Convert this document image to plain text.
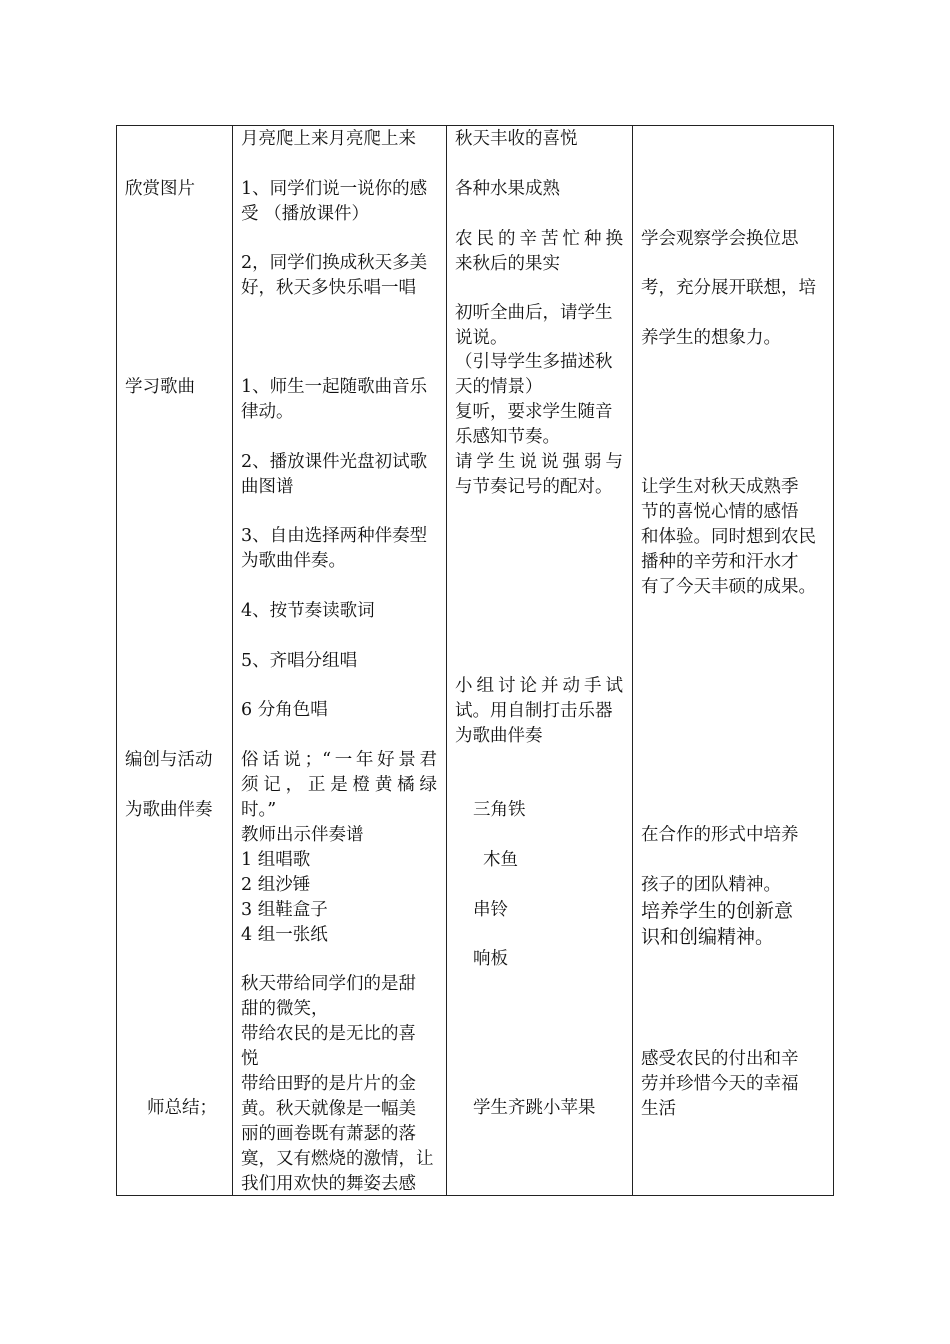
欣赏图片
学习歌曲
编创与活动
为歌曲伴奏
师总结；
月亮爬上来月亮爬上来
1、同学们说一说你的感
受 （播放课件）
2，同学们换成秋天多美
好，秋天多快乐唱一唱
1、师生一起随歌曲音乐
律动。
2、播放课件光盘初试歌
曲图谱
3、自由选择两种伴奏型
为歌曲伴奏。
4、按节奏读歌词
5、齐唱分组唱
6 分角色唱
俗话说；“一年好景君
须记，正是橙黄橘绿
时。”
教师出示伴奏谱
1 组唱歌
2 组沙锤
3 组鞋盒子
4 组一张纸
秋天带给同学们的是甜
甜的微笑，
带给农民的是无比的喜
悦
带给田野的是片片的金
黄。秋天就像是一幅美
丽的画卷既有萧瑟的落
寞，又有燃烧的激情，让
我们用欢快的舞姿去感
秋天丰收的喜悦
各种水果成熟
农民的辛苦忙种换
来秋后的果实
初听全曲后，请学生
说说。
（引导学生多描述秋
天的情景）
复听，要求学生随音
乐感知节奏。
请学生说说强弱与
与节奏记号的配对。
小组讨论并动手试
试。用自制打击乐器
为歌曲伴奏
三角铁
木鱼
串铃
响板
学生齐跳小苹果
学会观察学会换位思
考，充分展开联想，培
养学生的想象力。
让学生对秋天成熟季
节的喜悦心情的感悟
和体验。同时想到农民
播种的辛劳和汗水才
有了今天丰硕的成果。
在合作的形式中培养
孩子的团队精神。
培养学生的创新意
识和创编精神。
感受农民的付出和辛
劳并珍惜今天的幸福
生活
